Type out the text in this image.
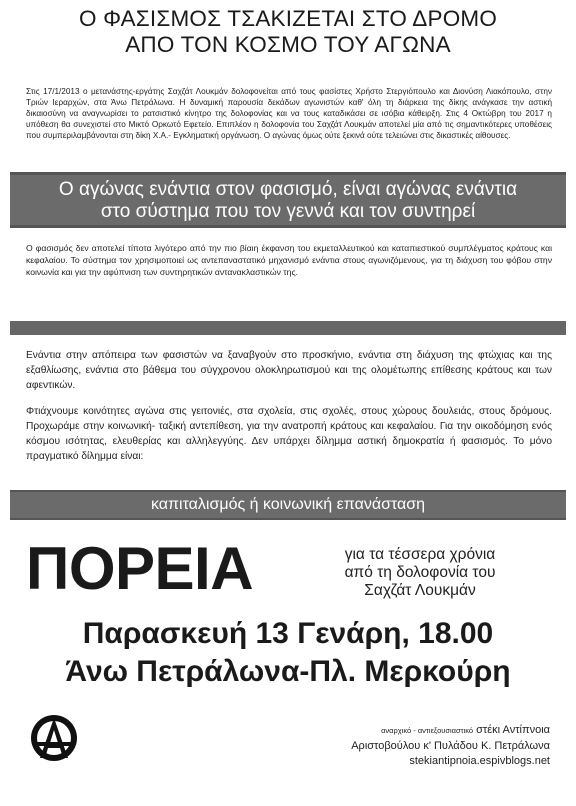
Ο ΦΑΣΙΣΜΟΣ ΤΣΑΚΙΖΕΤΑΙ ΣΤΟ ΔΡΟΜΟ
ΑΠΟ ΤΟΝ ΚΟΣΜΟ ΤΟΥ ΑΓΩΝΑ
Στις 17/1/2013 ο μετανάστης-εργάτης Σαχζάτ Λουκμάν δολοφονείται από τους φασίστες Χρήστο Στεργιόπουλο και Διονύση Λιακόπουλο, στην Τριών Ιεραρχών, στα Άνω Πετράλωνα. Η δυναμική παρουσία δεκάδων αγωνιστών καθ' όλη τη διάρκεια της δίκης ανάγκασε την αστική δικαιοσύνη να αναγνωρίσει το ρατσιστικό κίνητρο της δολοφονίας και να τους καταδικάσει σε ισόβια κάθειρξη. Στις 4 Οκτώβρη του 2017 η υπόθεση θα συνεχιστεί στο Μικτό Ορκωτό Εφετείο. Επιπλέον η δολοφονία του Σαχζάτ Λουκμάν αποτελεί μία από τις σημαντικότερες υποθέσεις που συμπεριλαμβάνονται στη δίκη Χ.Α.- Εγκληματική οργάνωση. Ο αγώνας όμως ούτε ξεκινά ούτε τελειώνει στις δικαστικές αίθουσες.
Ο αγώνας ενάντια στον φασισμό, είναι αγώνας ενάντια
στο σύστημα που τον γεννά και τον συντηρεί
Ο φασισμός δεν αποτελεί τίποτα λιγότερο από την πιο βίαιη έκφανση του εκμεταλλευτικού και καταπιεστικού συμπλέγματος κράτους και κεφαλαίου. Το σύστημα τον χρησιμοποιεί ως αντεπαναστατικό μηχανισμό ενάντια στους αγωνιζόμενους, για τη διάχυση του φόβου στην κοινωνία και για την αφύπνιση των συντηρητικών αντανακλαστικών της.
Ενάντια στην απόπειρα των φασιστών να ξαναβγούν στο προσκήνιο, ενάντια στη διάχυση της φτώχιας και της εξαθλίωσης, ενάντια στο βάθεμα του σύγχρονου ολοκληρωτισμού και της ολομέτωπης επίθεσης κράτους και των αφεντικών.
Φτιάχνουμε κοινότητες αγώνα στις γειτονιές, στα σχολεία, στις σχολές, στους χώρους δουλειάς, στους δρόμους. Προχωράμε στην κοινωνική- ταξική αντεπίθεση, για την ανατροπή κράτους και κεφαλαίου. Για την οικοδόμηση ενός κόσμου ισότητας, ελευθερίας και αλληλεγγύης. Δεν υπάρχει δίλημμα αστική δημοκρατία ή φασισμός. Το μόνο πραγματικό δίλημμα είναι:
καπιταλισμός ή κοινωνική επανάσταση
ΠΟΡΕΙΑ	για τα τέσσερα χρόνια
από τη δολοφονία του
Σαχζάτ Λουκμάν
Παρασκευή 13 Γενάρη, 18.00
Άνω Πετράλωνα-Πλ. Μερκούρη
αναρχικό - αντιεξουσιαστικό στέκι Αντίπνοια
Αριστοβούλου κ' Πυλάδου Κ. Πετράλωνα
stekiantipnoia.espivblogs.net
